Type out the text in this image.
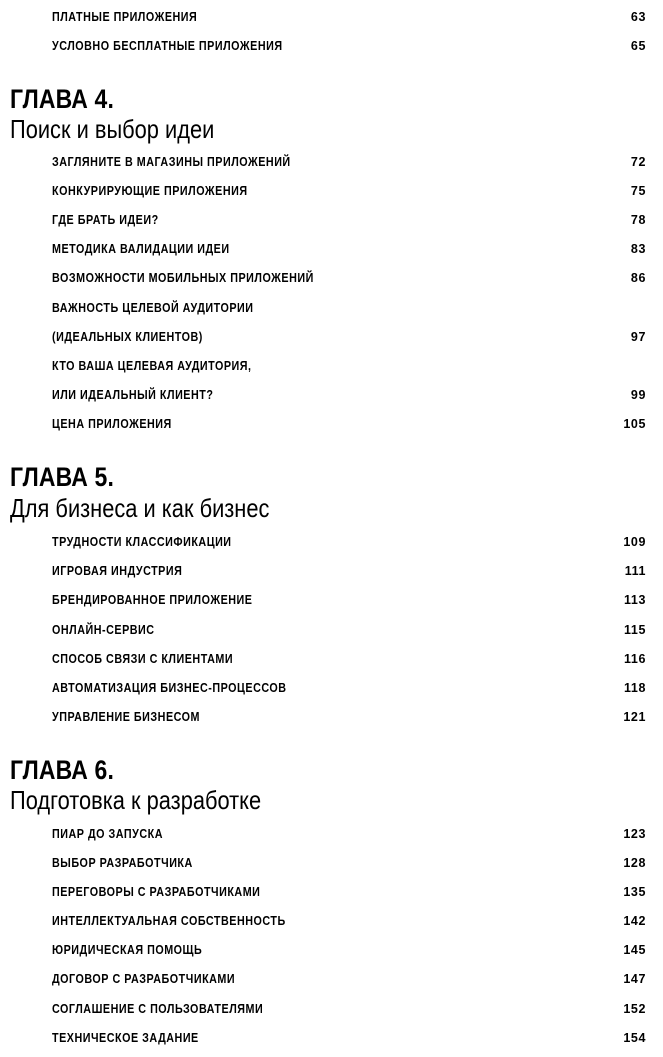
ПЛАТНЫЕ ПРИЛОЖЕНИЯ	63
УСЛОВНО БЕСПЛАТНЫЕ ПРИЛОЖЕНИЯ	65
ГЛАВА 4.
Поиск и выбор идеи
ЗАГЛЯНИТЕ В МАГАЗИНЫ ПРИЛОЖЕНИЙ	72
КОНКУРИРУЮЩИЕ ПРИЛОЖЕНИЯ	75
ГДЕ БРАТЬ ИДЕИ?	78
МЕТОДИКА ВАЛИДАЦИИ ИДЕИ	83
ВОЗМОЖНОСТИ МОБИЛЬНЫХ ПРИЛОЖЕНИЙ	86
ВАЖНОСТЬ ЦЕЛЕВОЙ АУДИТОРИИ
(ИДЕАЛЬНЫХ КЛИЕНТОВ)	97
КТО ВАША ЦЕЛЕВАЯ АУДИТОРИЯ,
ИЛИ ИДЕАЛЬНЫЙ КЛИЕНТ?	99
ЦЕНА ПРИЛОЖЕНИЯ	105
ГЛАВА 5.
Для бизнеса и как бизнес
ТРУДНОСТИ КЛАССИФИКАЦИИ	109
ИГРОВАЯ ИНДУСТРИЯ	111
БРЕНДИРОВАННОЕ ПРИЛОЖЕНИЕ	113
ОНЛАЙН-СЕРВИС	115
СПОСОБ СВЯЗИ С КЛИЕНТАМИ	116
АВТОМАТИЗАЦИЯ БИЗНЕС-ПРОЦЕССОВ	118
УПРАВЛЕНИЕ БИЗНЕСОМ	121
ГЛАВА 6.
Подготовка к разработке
ПИАР ДО ЗАПУСКА	123
ВЫБОР РАЗРАБОТЧИКА	128
ПЕРЕГОВОРЫ С РАЗРАБОТЧИКАМИ	135
ИНТЕЛЛЕКТУАЛЬНАЯ СОБСТВЕННОСТЬ	142
ЮРИДИЧЕСКАЯ ПОМОЩЬ	145
ДОГОВОР С РАЗРАБОТЧИКАМИ	147
СОГЛАШЕНИЕ С ПОЛЬЗОВАТЕЛЯМИ	152
ТЕХНИЧЕСКОЕ ЗАДАНИЕ	154
